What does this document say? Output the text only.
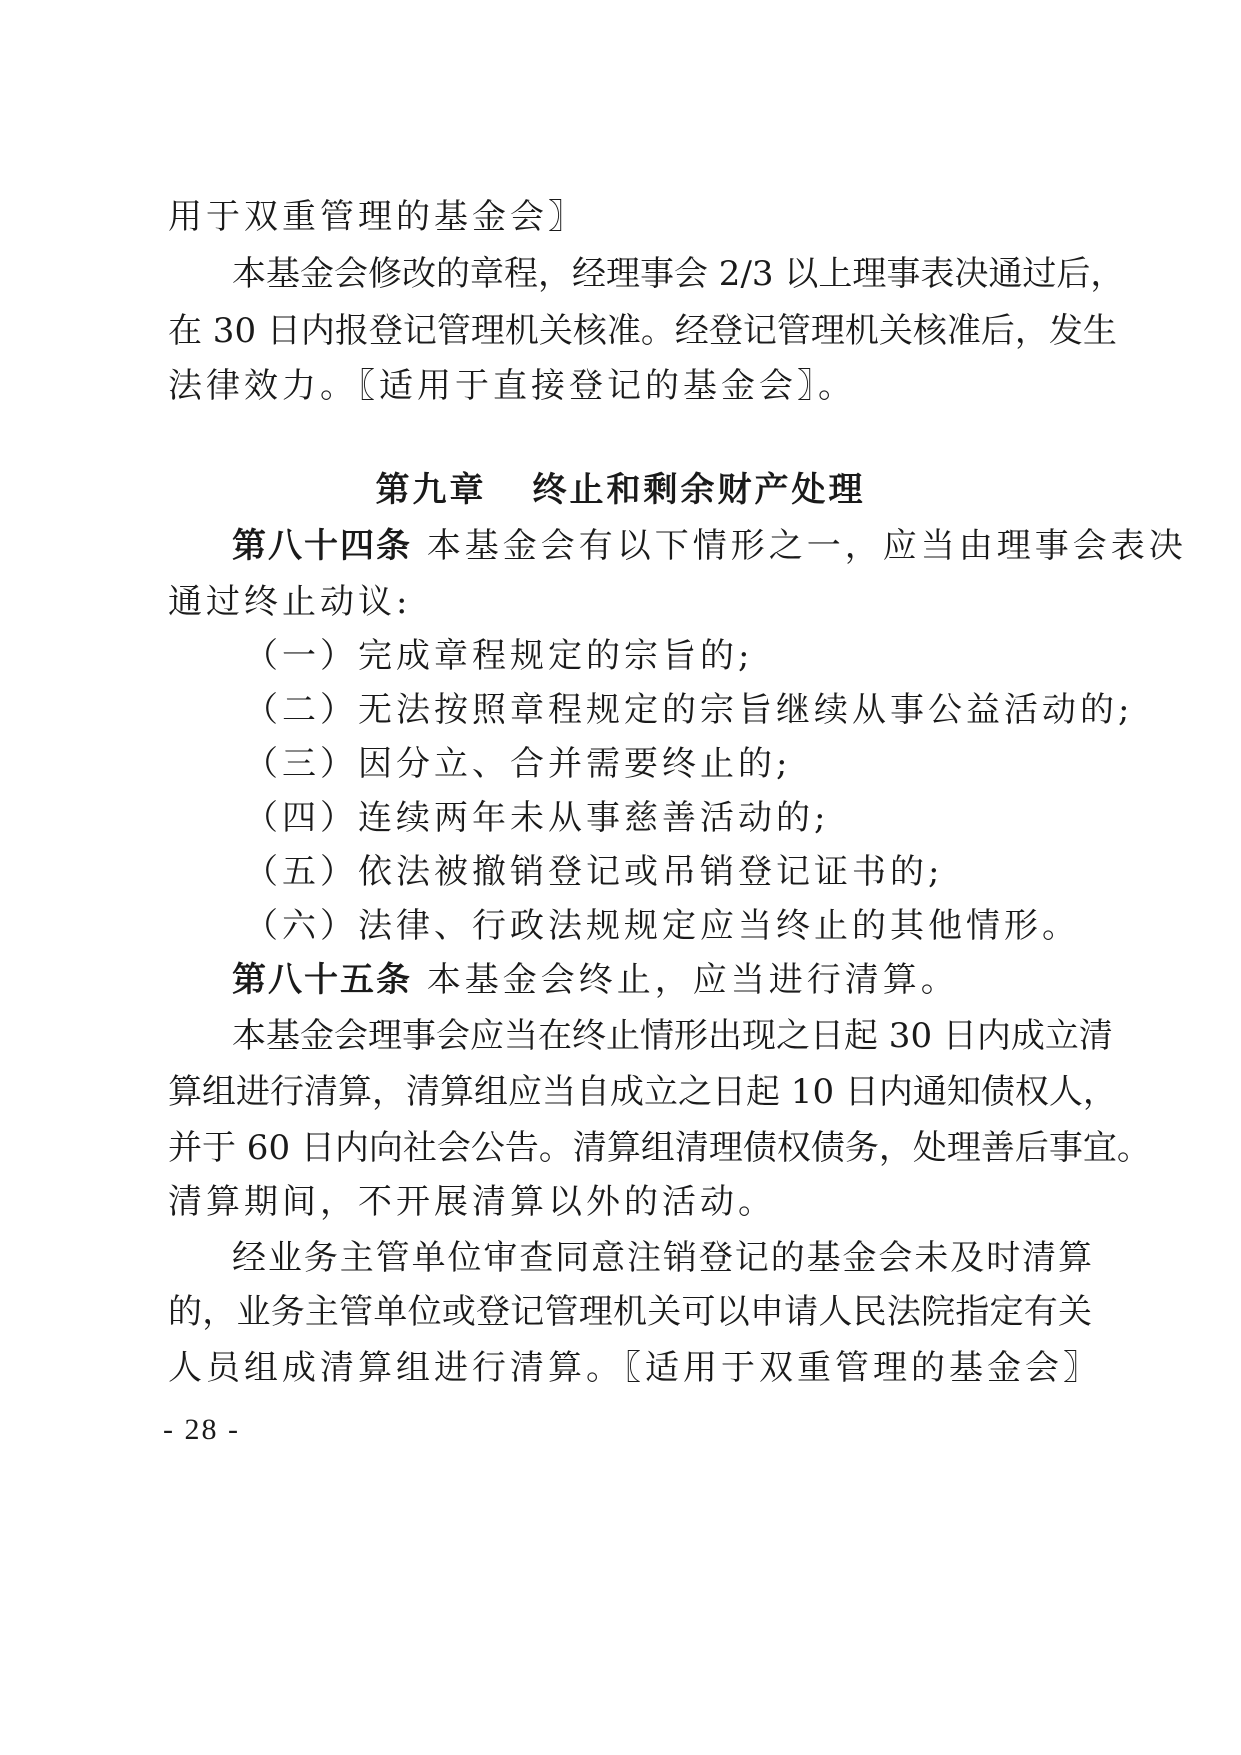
用于双重管理的基金会〗
本基金会修改的章程，经理事会 2/3 以上理事表决通过后，
在 30 日内报登记管理机关核准。经登记管理机关核准后，发生
法律效力。〖适用于直接登记的基金会〗。
第九章 终止和剩余财产处理
第八十四条 本基金会有以下情形之一，应当由理事会表决
通过终止动议:
（一）完成章程规定的宗旨的;
（二）无法按照章程规定的宗旨继续从事公益活动的;
（三）因分立、合并需要终止的;
（四）连续两年未从事慈善活动的;
（五）依法被撤销登记或吊销登记证书的;
（六）法律、行政法规规定应当终止的其他情形。
第八十五条 本基金会终止，应当进行清算。
本基金会理事会应当在终止情形出现之日起 30 日内成立清
算组进行清算，清算组应当自成立之日起 10 日内通知债权人，
并于 60 日内向社会公告。清算组清理债权债务，处理善后事宜。
清算期间，不开展清算以外的活动。
经业务主管单位审查同意注销登记的基金会未及时清算
的，业务主管单位或登记管理机关可以申请人民法院指定有关
人员组成清算组进行清算。〖适用于双重管理的基金会〗
- 28 -
